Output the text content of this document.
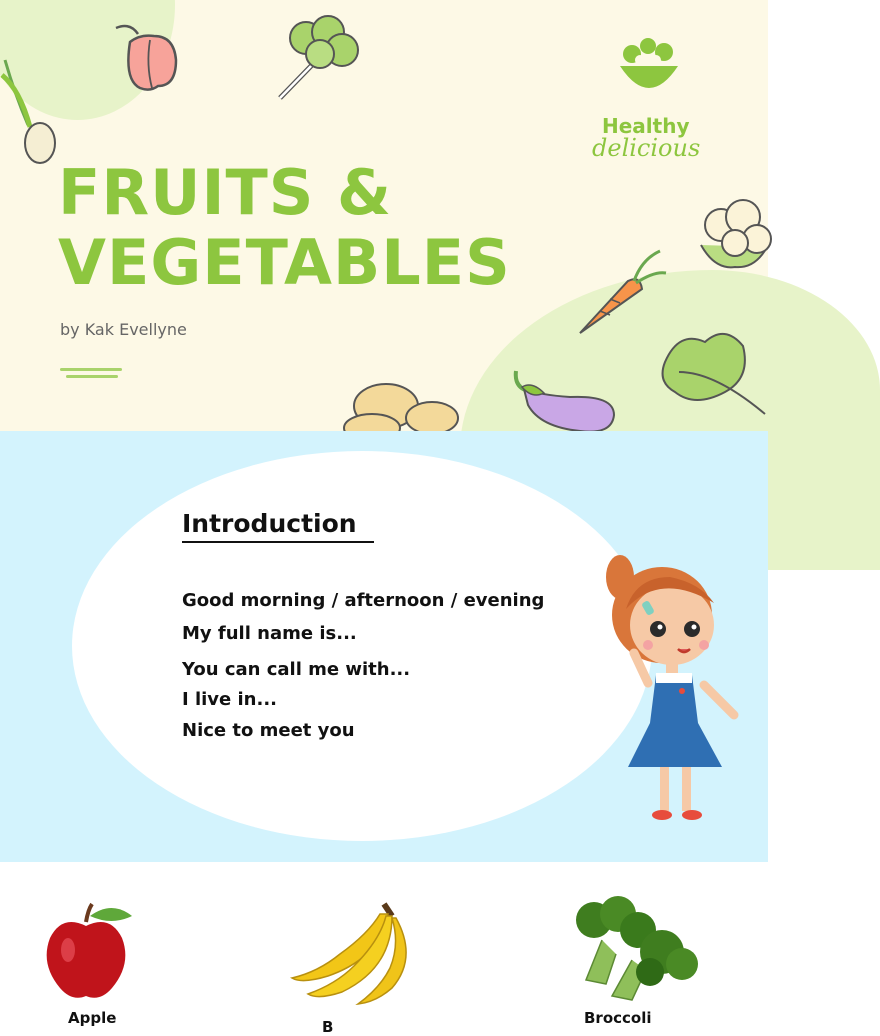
Healthy
delicious
FRUITS &
VEGETABLES
by Kak Evellyne
Introduction
Good morning / afternoon / evening
My full name is...
You can call me with...
I live in...
Nice to meet you
Apple	B	Broccoli
